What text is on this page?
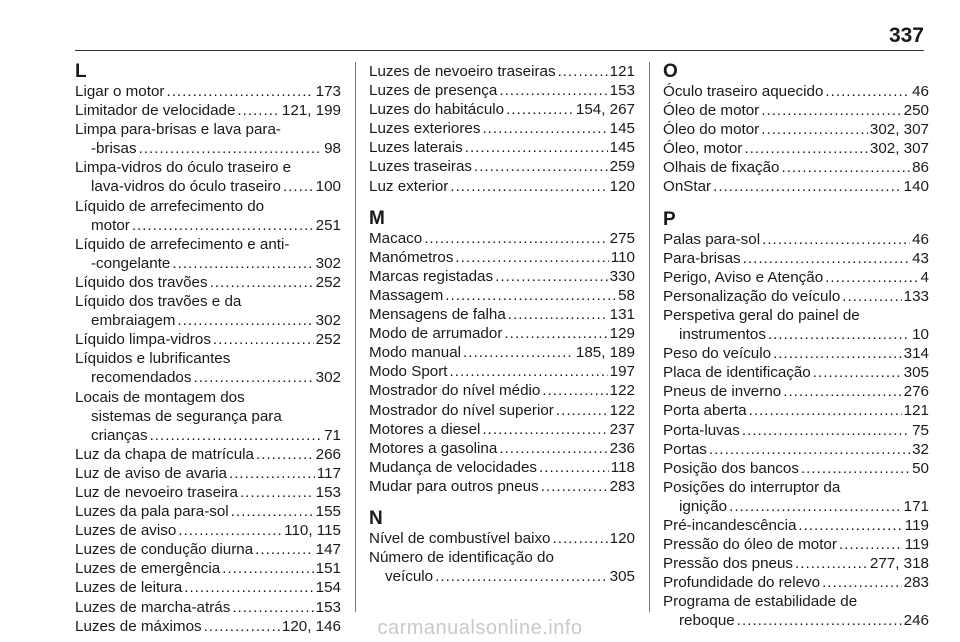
337
L
Ligar o motor .....	173
Limitador de velocidade .....	121, 199
Limpa para-brisas e lava para-
-brisas .....	98
Limpa-vidros do óculo traseiro e
lava-vidros do óculo traseiro ..... 100
Líquido de arrefecimento do
motor .....	251
Líquido de arrefecimento e anti-
-congelante .....	302
Líquido dos travões .....	252
Líquido dos travões e da
embraiagem .....	302
Líquido limpa-vidros .....	252
Líquidos e lubrificantes
recomendados .....	302
Locais de montagem dos
sistemas de segurança para
crianças .....	71
Luz da chapa de matrícula .....	266
Luz de aviso de avaria .....	117
Luz de nevoeiro traseira .....	153
Luzes da pala para-sol .....	155
Luzes de aviso .....	110, 115
Luzes de condução diurna .....	147
Luzes de emergência .....	151
Luzes de leitura .....	154
Luzes de marcha-atrás .....	153
Luzes de máximos .....	120, 146
Luzes de nevoeiro traseiras .....	121
Luzes de presença .....	153
Luzes do habitáculo .....	154, 267
Luzes exteriores .....	145
Luzes laterais .....	145
Luzes traseiras .....	259
Luz exterior .....	120
M
Macaco .....	275
Manómetros .....	110
Marcas registadas .....	330
Massagem .....	58
Mensagens de falha .....	131
Modo de arrumador .....	129
Modo manual .....	185, 189
Modo Sport .....	197
Mostrador do nível médio .....	122
Mostrador do nível superior .....	122
Motores a diesel .....	237
Motores a gasolina .....	236
Mudança de velocidades .....	118
Mudar para outros pneus .....	283
N
Nível de combustível baixo .....	120
Número de identificação do
veículo .....	305
O
Óculo traseiro aquecido .....	46
Óleo de motor .....	250
Óleo do motor .....	302, 307
Óleo, motor .....	302, 307
Olhais de fixação .....	86
OnStar .....	140
P
Palas para-sol .....	46
Para-brisas .....	43
Perigo, Aviso e Atenção .....	4
Personalização do veículo .....	133
Perspetiva geral do painel de
instrumentos .....	10
Peso do veículo .....	314
Placa de identificação .....	305
Pneus de inverno .....	276
Porta aberta .....	121
Porta-luvas .....	75
Portas .....	32
Posição dos bancos .....	50
Posições do interruptor da
ignição .....	171
Pré-incandescência .....	119
Pressão do óleo de motor .....	119
Pressão dos pneus .....	277, 318
Profundidade do relevo .....	283
Programa de estabilidade de
reboque .....	246
carmanualsonline.info
